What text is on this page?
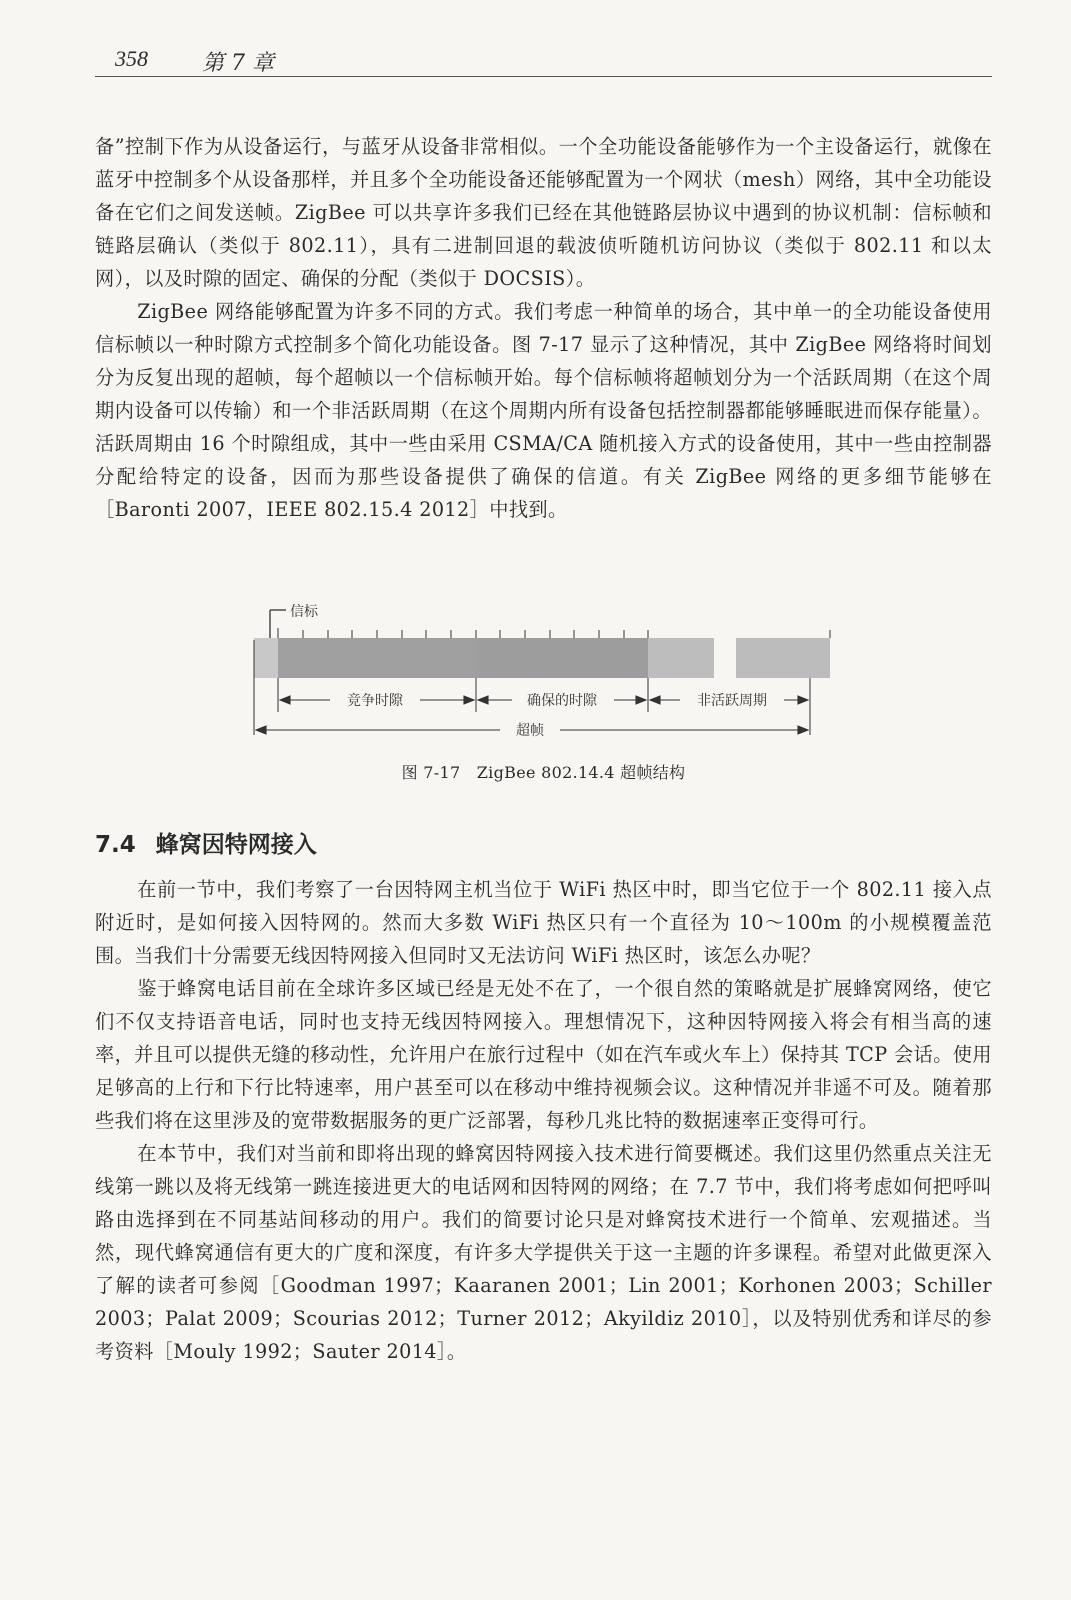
358 第 7 章

备”控制下作为从设备运行，与蓝牙从设备非常相似。一个全功能设备能够作为一个主设备运行，就像在蓝牙中控制多个从设备那样，并且多个全功能设备还能够配置为一个网状（mesh）网络，其中全功能设备在它们之间发送帧。ZigBee 可以共享许多我们已经在其他链路层协议中遇到的协议机制：信标帧和链路层确认（类似于 802.11），具有二进制回退的载波侦听随机访问协议（类似于 802.11 和以太网），以及时隙的固定、确保的分配（类似于 DOCSIS）。

ZigBee 网络能够配置为许多不同的方式。我们考虑一种简单的场合，其中单一的全功能设备使用信标帧以一种时隙方式控制多个简化功能设备。图 7-17 显示了这种情况，其中 ZigBee 网络将时间划分为反复出现的超帧，每个超帧以一个信标帧开始。每个信标帧将超帧划分为一个活跃周期（在这个周期内设备可以传输）和一个非活跃周期（在这个周期内所有设备包括控制器都能够睡眠进而保存能量）。活跃周期由 16 个时隙组成，其中一些由采用 CSMA/CA 随机接入方式的设备使用，其中一些由控制器分配给特定的设备，因而为那些设备提供了确保的信道。有关 ZigBee 网络的更多细节能够在［Baronti 2007，IEEE 802.15.4 2012］中找到。

信标
竞争时隙	确保的时隙	非活跃周期
超帧
图 7-17　ZigBee 802.14.4 超帧结构
7.4 蜂窝因特网接入

在前一节中，我们考察了一台因特网主机当位于 WiFi 热区中时，即当它位于一个 802.11 接入点附近时，是如何接入因特网的。然而大多数 WiFi 热区只有一个直径为 10～100m 的小规模覆盖范围。当我们十分需要无线因特网接入但同时又无法访问 WiFi 热区时，该怎么办呢？

鉴于蜂窝电话目前在全球许多区域已经是无处不在了，一个很自然的策略就是扩展蜂窝网络，使它们不仅支持语音电话，同时也支持无线因特网接入。理想情况下，这种因特网接入将会有相当高的速率，并且可以提供无缝的移动性，允许用户在旅行过程中（如在汽车或火车上）保持其 TCP 会话。使用足够高的上行和下行比特速率，用户甚至可以在移动中维持视频会议。这种情况并非遥不可及。随着那些我们将在这里涉及的宽带数据服务的更广泛部署，每秒几兆比特的数据速率正变得可行。

在本节中，我们对当前和即将出现的蜂窝因特网接入技术进行简要概述。我们这里仍然重点关注无线第一跳以及将无线第一跳连接进更大的电话网和因特网的网络；在 7.7 节中，我们将考虑如何把呼叫路由选择到在不同基站间移动的用户。我们的简要讨论只是对蜂窝技术进行一个简单、宏观描述。当然，现代蜂窝通信有更大的广度和深度，有许多大学提供关于这一主题的许多课程。希望对此做更深入了解的读者可参阅［Goodman 1997；Kaaranen 2001；Lin 2001；Korhonen 2003；Schiller 2003；Palat 2009；Scourias 2012；Turner 2012；Akyildiz 2010］，以及特别优秀和详尽的参考资料［Mouly 1992；Sauter 2014］。
